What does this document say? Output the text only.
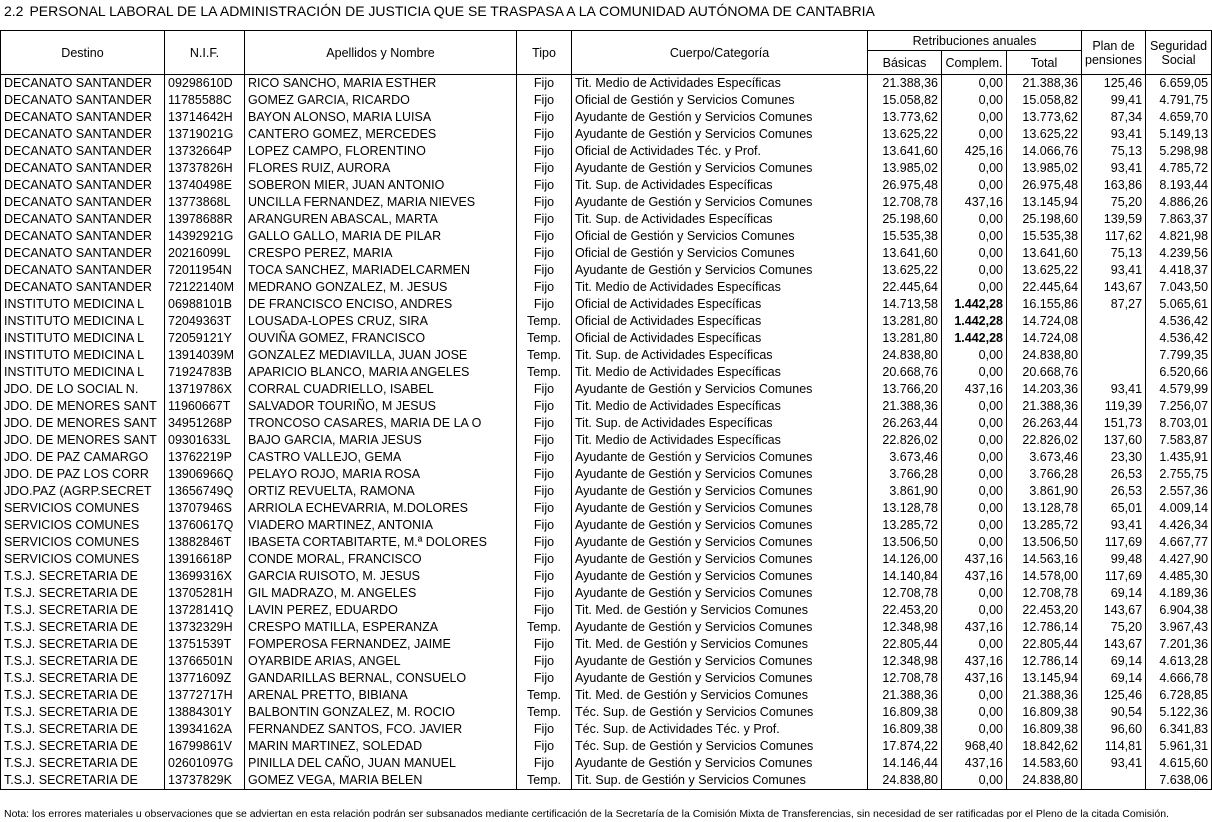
2.2 PERSONAL LABORAL DE LA ADMINISTRACIÓN DE JUSTICIA QUE SE TRASPASA A LA COMUNIDAD AUTÓNOMA DE CANTABRIA
Destino	N.I.F.	Apellidos y Nombre	Tipo	Cuerpo/Categoría	Retribuciones anuales			Plan de pensiones	Seguridad Social
					Básicas	Complem.	Total		
DECANATO SANTANDER	09298610D	RICO SANCHO, MARIA ESTHER	Fijo	Tit. Medio de Actividades Específicas	21.388,36	0,00	21.388,36	125,46	6.659,05
DECANATO SANTANDER	11785588C	GOMEZ GARCIA, RICARDO	Fijo	Oficial de Gestión y Servicios Comunes	15.058,82	0,00	15.058,82	99,41	4.791,75
DECANATO SANTANDER	13714642H	BAYON ALONSO, MARIA LUISA	Fijo	Ayudante de Gestión y Servicios Comunes	13.773,62	0,00	13.773,62	87,34	4.659,70
DECANATO SANTANDER	13719021G	CANTERO GOMEZ, MERCEDES	Fijo	Ayudante de Gestión y Servicios Comunes	13.625,22	0,00	13.625,22	93,41	5.149,13
DECANATO SANTANDER	13732664P	LOPEZ CAMPO, FLORENTINO	Fijo	Oficial de Actividades Téc. y Prof.	13.641,60	425,16	14.066,76	75,13	5.298,98
DECANATO SANTANDER	13737826H	FLORES RUIZ, AURORA	Fijo	Ayudante de Gestión y Servicios Comunes	13.985,02	0,00	13.985,02	93,41	4.785,72
DECANATO SANTANDER	13740498E	SOBERON MIER, JUAN ANTONIO	Fijo	Tit. Sup. de Actividades Específicas	26.975,48	0,00	26.975,48	163,86	8.193,44
DECANATO SANTANDER	13773868L	UNCILLA FERNANDEZ, MARIA NIEVES	Fijo	Ayudante de Gestión y Servicios Comunes	12.708,78	437,16	13.145,94	75,20	4.886,26
DECANATO SANTANDER	13978688R	ARANGUREN ABASCAL, MARTA	Fijo	Tit. Sup. de Actividades Específicas	25.198,60	0,00	25.198,60	139,59	7.863,37
DECANATO SANTANDER	14392921G	GALLO GALLO, MARIA DE PILAR	Fijo	Oficial de Gestión y Servicios Comunes	15.535,38	0,00	15.535,38	117,62	4.821,98
DECANATO SANTANDER	20216099L	CRESPO PEREZ, MARIA	Fijo	Oficial de Gestión y Servicios Comunes	13.641,60	0,00	13.641,60	75,13	4.239,56
DECANATO SANTANDER	72011954N	TOCA SANCHEZ, MARIADELCARMEN	Fijo	Ayudante de Gestión y Servicios Comunes	13.625,22	0,00	13.625,22	93,41	4.418,37
DECANATO SANTANDER	72122140M	MEDRANO GONZALEZ, M. JESUS	Fijo	Tit. Medio de Actividades Específicas	22.445,64	0,00	22.445,64	143,67	7.043,50
INSTITUTO MEDICINA L	06988101B	DE FRANCISCO ENCISO, ANDRES	Fijo	Oficial de Actividades Específicas	14.713,58	1.442,28	16.155,86	87,27	5.065,61
INSTITUTO MEDICINA L	72049363T	LOUSADA-LOPES CRUZ, SIRA	Temp.	Oficial de Actividades Específicas	13.281,80	1.442,28	14.724,08		4.536,42
INSTITUTO MEDICINA L	72059121Y	OUVIÑA GOMEZ, FRANCISCO	Temp.	Oficial de Actividades Específicas	13.281,80	1.442,28	14.724,08		4.536,42
INSTITUTO MEDICINA L	13914039M	GONZALEZ MEDIAVILLA, JUAN JOSE	Temp.	Tit. Sup. de Actividades Específicas	24.838,80	0,00	24.838,80		7.799,35
INSTITUTO MEDICINA L	71924783B	APARICIO BLANCO, MARIA ANGELES	Temp.	Tit. Medio de Actividades Específicas	20.668,76	0,00	20.668,76		6.520,66
JDO. DE LO SOCIAL N.	13719786X	CORRAL CUADRIELLO, ISABEL	Fijo	Ayudante de Gestión y Servicios Comunes	13.766,20	437,16	14.203,36	93,41	4.579,99
JDO. DE MENORES SANT	11960667T	SALVADOR TOURIÑO, M JESUS	Fijo	Tit. Medio de Actividades Específicas	21.388,36	0,00	21.388,36	119,39	7.256,07
JDO. DE MENORES SANT	34951268P	TRONCOSO CASARES, MARIA DE LA O	Fijo	Tit. Sup. de Actividades Específicas	26.263,44	0,00	26.263,44	151,73	8.703,01
JDO. DE MENORES SANT	09301633L	BAJO GARCIA, MARIA JESUS	Fijo	Tit. Medio de Actividades Específicas	22.826,02	0,00	22.826,02	137,60	7.583,87
JDO. DE PAZ CAMARGO	13762219P	CASTRO VALLEJO, GEMA	Fijo	Ayudante de Gestión y Servicios Comunes	3.673,46	0,00	3.673,46	23,30	1.435,91
JDO. DE PAZ LOS CORR	13906966Q	PELAYO ROJO, MARIA ROSA	Fijo	Ayudante de Gestión y Servicios Comunes	3.766,28	0,00	3.766,28	26,53	2.755,75
JDO.PAZ (AGRP.SECRET	13656749Q	ORTIZ REVUELTA, RAMONA	Fijo	Ayudante de Gestión y Servicios Comunes	3.861,90	0,00	3.861,90	26,53	2.557,36
SERVICIOS COMUNES	13707946S	ARRIOLA ECHEVARRIA, M.DOLORES	Fijo	Ayudante de Gestión y Servicios Comunes	13.128,78	0,00	13.128,78	65,01	4.009,14
SERVICIOS COMUNES	13760617Q	VIADERO MARTINEZ, ANTONIA	Fijo	Ayudante de Gestión y Servicios Comunes	13.285,72	0,00	13.285,72	93,41	4.426,34
SERVICIOS COMUNES	13882846T	IBASETA CORTABITARTE, M.ª DOLORES	Fijo	Ayudante de Gestión y Servicios Comunes	13.506,50	0,00	13.506,50	117,69	4.667,77
SERVICIOS COMUNES	13916618P	CONDE MORAL, FRANCISCO	Fijo	Ayudante de Gestión y Servicios Comunes	14.126,00	437,16	14.563,16	99,48	4.427,90
T.S.J. SECRETARIA DE	13699316X	GARCIA RUISOTO, M. JESUS	Fijo	Ayudante de Gestión y Servicios Comunes	14.140,84	437,16	14.578,00	117,69	4.485,30
T.S.J. SECRETARIA DE	13705281H	GIL MADRAZO, M. ANGELES	Fijo	Ayudante de Gestión y Servicios Comunes	12.708,78	0,00	12.708,78	69,14	4.189,36
T.S.J. SECRETARIA DE	13728141Q	LAVIN PEREZ, EDUARDO	Fijo	Tit. Med. de Gestión y Servicios Comunes	22.453,20	0,00	22.453,20	143,67	6.904,38
T.S.J. SECRETARIA DE	13732329H	CRESPO MATILLA, ESPERANZA	Temp.	Ayudante de Gestión y Servicios Comunes	12.348,98	437,16	12.786,14	75,20	3.967,43
T.S.J. SECRETARIA DE	13751539T	FOMPEROSA FERNANDEZ, JAIME	Fijo	Tit. Med. de Gestión y Servicios Comunes	22.805,44	0,00	22.805,44	143,67	7.201,36
T.S.J. SECRETARIA DE	13766501N	OYARBIDE ARIAS, ANGEL	Fijo	Ayudante de Gestión y Servicios Comunes	12.348,98	437,16	12.786,14	69,14	4.613,28
T.S.J. SECRETARIA DE	13771609Z	GANDARILLAS BERNAL, CONSUELO	Fijo	Ayudante de Gestión y Servicios Comunes	12.708,78	437,16	13.145,94	69,14	4.666,78
T.S.J. SECRETARIA DE	13772717H	ARENAL PRETTO, BIBIANA	Temp.	Tit. Med. de Gestión y Servicios Comunes	21.388,36	0,00	21.388,36	125,46	6.728,85
T.S.J. SECRETARIA DE	13884301Y	BALBONTIN GONZALEZ, M. ROCIO	Temp.	Téc. Sup. de Gestión y Servicios Comunes	16.809,38	0,00	16.809,38	90,54	5.122,36
T.S.J. SECRETARIA DE	13934162A	FERNANDEZ SANTOS, FCO. JAVIER	Fijo	Téc. Sup. de Actividades Téc. y Prof.	16.809,38	0,00	16.809,38	96,60	6.341,83
T.S.J. SECRETARIA DE	16799861V	MARIN MARTINEZ, SOLEDAD	Fijo	Téc. Sup. de Gestión y Servicios Comunes	17.874,22	968,40	18.842,62	114,81	5.961,31
T.S.J. SECRETARIA DE	02601097G	PINILLA DEL CAÑO, JUAN MANUEL	Fijo	Ayudante de Gestión y Servicios Comunes	14.146,44	437,16	14.583,60	93,41	4.615,60
T.S.J. SECRETARIA DE	13737829K	GOMEZ VEGA, MARIA BELEN	Temp.	Tit. Sup. de Gestión y Servicios Comunes	24.838,80	0,00	24.838,80		7.638,06
Nota: los errores materiales u observaciones que se adviertan en esta relación podrán ser subsanados mediante certificación de la Secretaría de la Comisión Mixta de Transferencias, sin necesidad de ser ratificadas por el Pleno de la citada Comisión.
